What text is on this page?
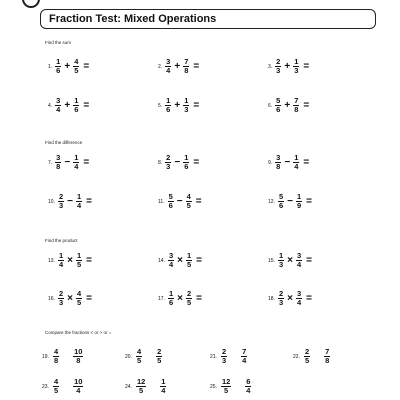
Fraction Test: Mixed Operations
Find the sum
Find the difference
Find the product
Compare the fractions < or > or =
1. $\frac{1}{6} + \frac{4}{5}$ =	2. $\frac{3}{4} + \frac{7}{8}$ =	3. $\frac{2}{3} + \frac{1}{3}$ =
4. $\frac{3}{4} + \frac{1}{6}$ =	5. $\frac{1}{6} + \frac{1}{3}$ =	6. $\frac{5}{6} + \frac{7}{8}$ =
7. $\frac{3}{8} - \frac{1}{4}$ =	8. $\frac{2}{3} - \frac{1}{6}$ =	9. $\frac{3}{8} - \frac{1}{4}$ =
10. $\frac{2}{3} - \frac{1}{4}$ =	11. $\frac{5}{6} - \frac{4}{5}$ =	12. $\frac{5}{6} - \frac{1}{9}$ =
13. $\frac{1}{4} \times \frac{1}{5}$ =	14. $\frac{3}{4} \times \frac{1}{5}$ =	15. $\frac{1}{3} \times \frac{3}{4}$ =
16. $\frac{2}{3} \times \frac{4}{5}$ =	17. $\frac{1}{6} \times \frac{2}{5}$ =	18. $\frac{2}{3} \times \frac{3}{4}$ =
19. $\frac{4}{8} \frac{10}{8}$	20. $\frac{4}{5} \frac{2}{5}$	21. $\frac{2}{3} \frac{7}{4}$	22. $\frac{2}{5} \frac{7}{8}$
23. $\frac{4}{5} \frac{10}{4}$	24. $\frac{12}{5} \frac{1}{4}$	25. $\frac{12}{5} \frac{6}{4}$
